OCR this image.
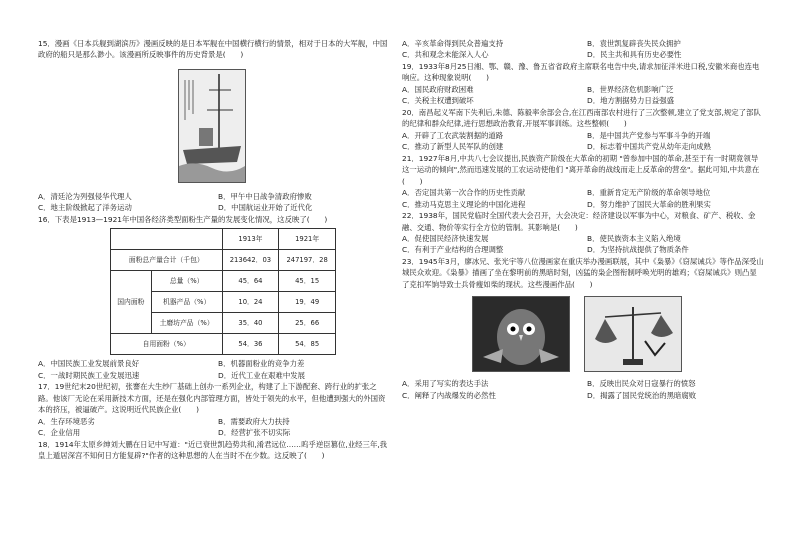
15．漫画《日本兵舰到湖滨历》漫画反映的是日本军舰在中国横行横行的情景，相对于日本的大军舰，中国政府的船只是那么渺小。该漫画所反映事件的历史背景是(　　)

A．清廷沦为列强侵华代理人	B．甲午中日战争清政府惨败
C．地主阶级掀起了洋务运动	D．中国航运业开始了近代化

16．下表是1913—1921年中国各经济类型面粉生产量的发展变化情况，这反映了(　　)

		1913年	1921年
面粉总产量合计（千包）		213642．03	247197．28
国内面粉	总量（%）	45．64	45．15
	机器产品（%）	10．24	19．49
	土磨坊产品（%）	35．40	25．66
自用面粉（%）		54．36	54．85
A．中国民族工业发展前景良好	B．机器面粉业的竞争力差
C．一战时期民族工业发展迅速	D．近代工业在艰难中发展

17．19世纪末20世纪初，张謇在大生纱厂基础上创办一系列企业，构建了上下游配套、跨行业的扩张之路。他该厂无论在采用新技术方面，还是在强化内部管理方面，皆处于领先的水平，但他遭到强大的外国资本的挤压，被逼破产。这说明近代民族企业(　　)

A．生存环境恶劣	B．需要政府大力扶持
C．企业信用	D．经营扩张不切实际

18．1914年太原乡绅刘大鹏在日记中写道："近已衰世凯趋势共和,淆君远位……呜乎逆臣篡位,业经三年,我皇上遁居深宫不知何日方能复辟?"作者的这种思想的人在当时不在少数。这反映了(　　)

A．辛亥革命得到民众普遍支持	B．袁世凯复辟丧失民众拥护
C．共和观念未能深入人心	D．民主共和具有历史必要性

19．1933年8月25日湘、鄂、赣、豫、鲁五省省政府主席联名电告中央,请求加征洋米进口税,安徽米商也连电响应。这种现象说明(　　)

A．国民政府财政困难	B．世界经济危机影响广泛
C．关税主权遭到破坏	D．地方割据势力日益强盛

20．南昌起义军南下失利后,朱德、陈毅率余部会合,在江西南部农村进行了三次整顿,建立了党支部,规定了部队的纪律和群众纪律,进行思想政治教育,开展军事训练。这些整顿(　　)

A．开辟了工农武装割据的道路	B．是中国共产党参与军事斗争的开端
C．推动了新型人民军队的创建	D．标志着中国共产党从幼年走向成熟

21．1927年8月,中共八七会议提出,民族资产阶级在大革命的初期 "曾参加中国的革命,甚至于有一时期竟领导这一运动的倾向",然而迅速发展的工农运动使他们 "离开革命的战线而走上反革命的营垒"。据此可知,中共意在(　　)

A．否定国共第一次合作的历史性贡献	B．重新肯定无产阶级的革命领导地位
C．推动马克思主义理论的中国化进程	D．努力维护了国民大革命的胜利果实

22．1938年，国民党临时全国代表大会召开，大会决定：经济建设以军事为中心，对粮食、矿产、税收、金融、交通、物价等实行全方位的管制。其影响是(　　)

A．促使国民经济快速发展	B．使民族资本主义陷入绝境
C．有利于产业结构的合理调整	D．为坚持抗战提供了物质条件

23．1945年3月，廖冰兄、张光宇等八位漫画家在重庆举办漫画联展，其中《枭暴》《窃屎诫兵》等作品深受山城民众欢迎。《枭暴》描画了坐在黎明前的黑暗时刻，凶猛的枭企图衔制呼唤光明的雄鸡；《窃屎诫兵》则凸显了克扣军饷导致士兵骨瘦如柴的现状。这些漫画作品(　　)

A．采用了写实的表达手法	B．反映出民众对日寇暴行的愤怒
C．阐释了内战爆发的必然性	D．揭露了国民党统治的黑暗腐败
